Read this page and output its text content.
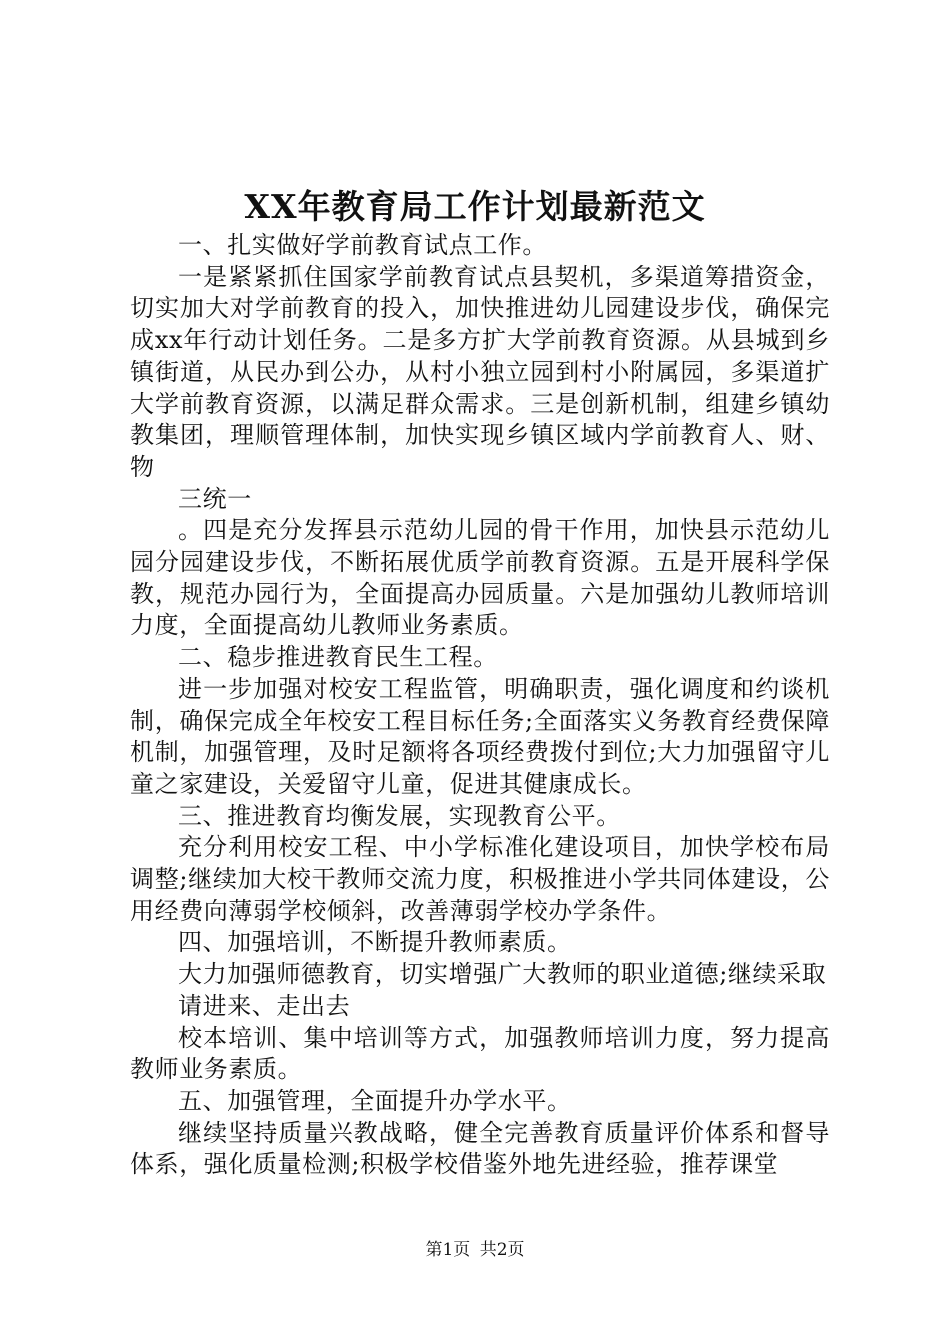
XX年教育局工作计划最新范文

一、扎实做好学前教育试点工作。

一是紧紧抓住国家学前教育试点县契机，多渠道筹措资金，切实加大对学前教育的投入，加快推进幼儿园建设步伐，确保完成xx年行动计划任务。二是多方扩大学前教育资源。从县城到乡镇街道，从民办到公办，从村小独立园到村小附属园，多渠道扩大学前教育资源，以满足群众需求。三是创新机制，组建乡镇幼教集团，理顺管理体制，加快实现乡镇区域内学前教育人、财、物

三统一

。四是充分发挥县示范幼儿园的骨干作用，加快县示范幼儿园分园建设步伐，不断拓展优质学前教育资源。五是开展科学保教，规范办园行为，全面提高办园质量。六是加强幼儿教师培训力度，全面提高幼儿教师业务素质。

二、稳步推进教育民生工程。

进一步加强对校安工程监管，明确职责，强化调度和约谈机制，确保完成全年校安工程目标任务;全面落实义务教育经费保障机制，加强管理，及时足额将各项经费拨付到位;大力加强留守儿童之家建设，关爱留守儿童，促进其健康成长。

三、推进教育均衡发展，实现教育公平。

充分利用校安工程、中小学标准化建设项目，加快学校布局调整;继续加大校干教师交流力度，积极推进小学共同体建设，公用经费向薄弱学校倾斜，改善薄弱学校办学条件。

四、加强培训，不断提升教师素质。

大力加强师德教育，切实增强广大教师的职业道德;继续采取

请进来、走出去

校本培训、集中培训等方式，加强教师培训力度，努力提高教师业务素质。

五、加强管理，全面提升办学水平。

继续坚持质量兴教战略，健全完善教育质量评价体系和督导体系，强化质量检测;积极学校借鉴外地先进经验，推荐课堂

第1页 共2页
